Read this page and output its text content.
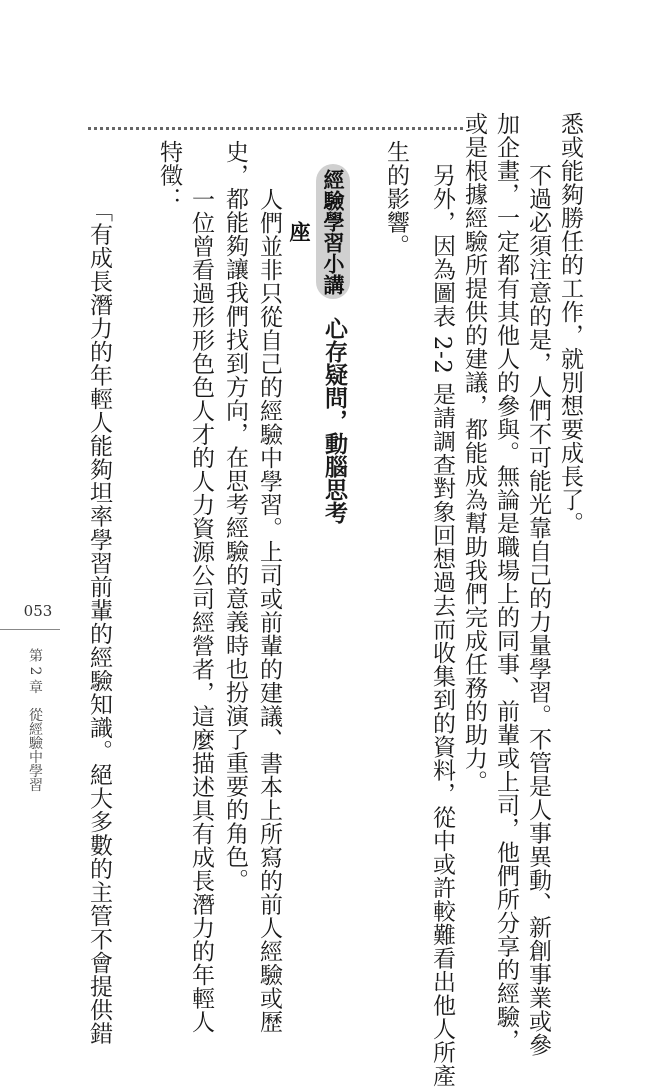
悉或能夠勝任的工作，就別想要成長了。
　不過必須注意的是，人們不可能光靠自己的力量學習。不管是人事異動、新創事業或參
加企畫，一定都有其他人的參與。無論是職場上的同事、前輩或上司，他們所分享的經驗，
或是根據經驗所提供的建議，都能成為幫助我們完成任務的助力。
　另外，因為圖表 2-2 是請調查對象回想過去而收集到的資料，從中或許較難看出他人所產
生的影響。
經驗學習小講座
心存疑問，動腦思考
　人們並非只從自己的經驗中學習。上司或前輩的建議、書本上所寫的前人經驗或歷
史，都能夠讓我們找到方向，在思考經驗的意義時也扮演了重要的角色。
　一位曾看過形形色色人才的人力資源公司經營者，這麼描述具有成長潛力的年輕人
特徵：
「有成長潛力的年輕人能夠坦率學習前輩的經驗知識。絕大多數的主管不會提供錯
053
第 2 章　從經驗中學習
